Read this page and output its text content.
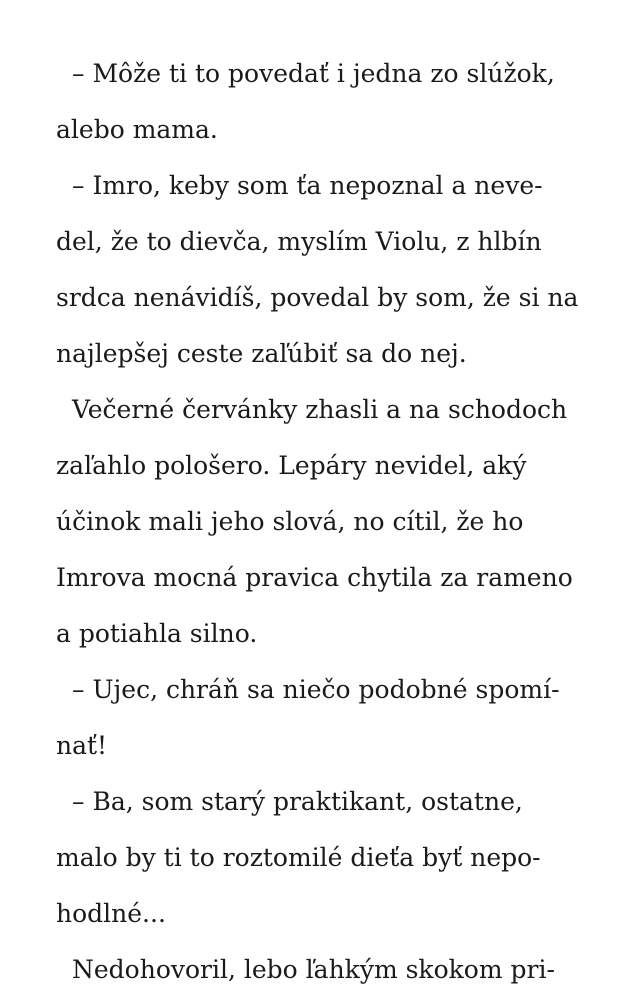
– Môže ti to povedať i jedna zo slúžok,
alebo mama.
– Imro, keby som ťa nepoznal a neve-
del, že to dievča, myslím Violu, z hlbín
srdca nenávidíš, povedal by som, že si na
najlepšej ceste zaľúbiť sa do nej.
Večerné červánky zhasli a na schodoch
zaľahlo pološero. Lepáry nevidel, aký
účinok mali jeho slová, no cítil, že ho
Imrova mocná pravica chytila za rameno
a potiahla silno.
– Ujec, chráň sa niečo podobné spomí-
nať!
– Ba, som starý praktikant, ostatne,
malo by ti to roztomilé dieťa byť nepo-
hodlné...
Nedohovoril, lebo ľahkým skokom pri-
